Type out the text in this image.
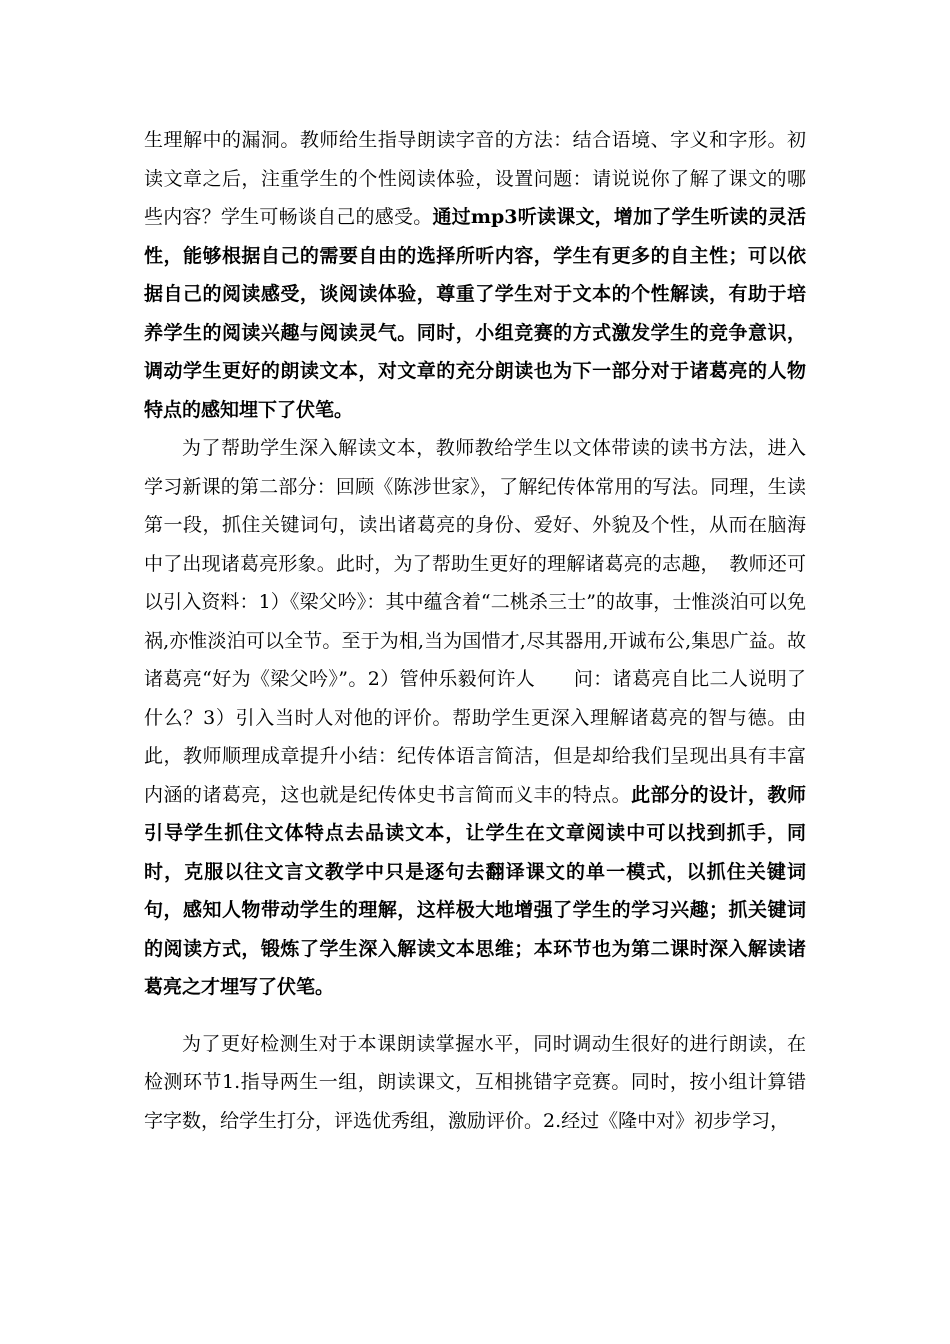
生理解中的漏洞。教师给生指导朗读字音的方法：结合语境、字义和字形。初读文章之后，注重学生的个性阅读体验，设置问题：请说说你了解了课文的哪些内容？学生可畅谈自己的感受。通过mp3听读课文，增加了学生听读的灵活性，能够根据自己的需要自由的选择所听内容，学生有更多的自主性；可以依据自己的阅读感受，谈阅读体验，尊重了学生对于文本的个性解读，有助于培养学生的阅读兴趣与阅读灵气。同时，小组竞赛的方式激发学生的竞争意识，调动学生更好的朗读文本，对文章的充分朗读也为下一部分对于诸葛亮的人物特点的感知埋下了伏笔。

为了帮助学生深入解读文本，教师教给学生以文体带读的读书方法，进入学习新课的第二部分：回顾《陈涉世家》，了解纪传体常用的写法。同理，生读第一段，抓住关键词句，读出诸葛亮的身份、爱好、外貌及个性，从而在脑海中了出现诸葛亮形象。此时，为了帮助生更好的理解诸葛亮的志趣，　教师还可以引入资料：1）《梁父吟》：其中蕴含着“二桃杀三士”的故事，士惟淡泊可以免祸,亦惟淡泊可以全节。至于为相,当为国惜才,尽其器用,开诚布公,集思广益。故诸葛亮“好为《梁父吟》”。2）管仲乐毅何许人　　问：诸葛亮自比二人说明了什么？3）引入当时人对他的评价。帮助学生更深入理解诸葛亮的智与德。由此，教师顺理成章提升小结：纪传体语言简洁，但是却给我们呈现出具有丰富内涵的诸葛亮，这也就是纪传体史书言简而义丰的特点。此部分的设计，教师引导学生抓住文体特点去品读文本，让学生在文章阅读中可以找到抓手，同时，克服以往文言文教学中只是逐句去翻译课文的单一模式，以抓住关键词句，感知人物带动学生的理解，这样极大地增强了学生的学习兴趣；抓关键词的阅读方式，锻炼了学生深入解读文本思维；本环节也为第二课时深入解读诸葛亮之才埋写了伏笔。

为了更好检测生对于本课朗读掌握水平，同时调动生很好的进行朗读，在检测环节1.指导两生一组，朗读课文，互相挑错字竞赛。同时，按小组计算错字字数，给学生打分，评选优秀组，激励评价。2.经过《隆中对》初步学习，
